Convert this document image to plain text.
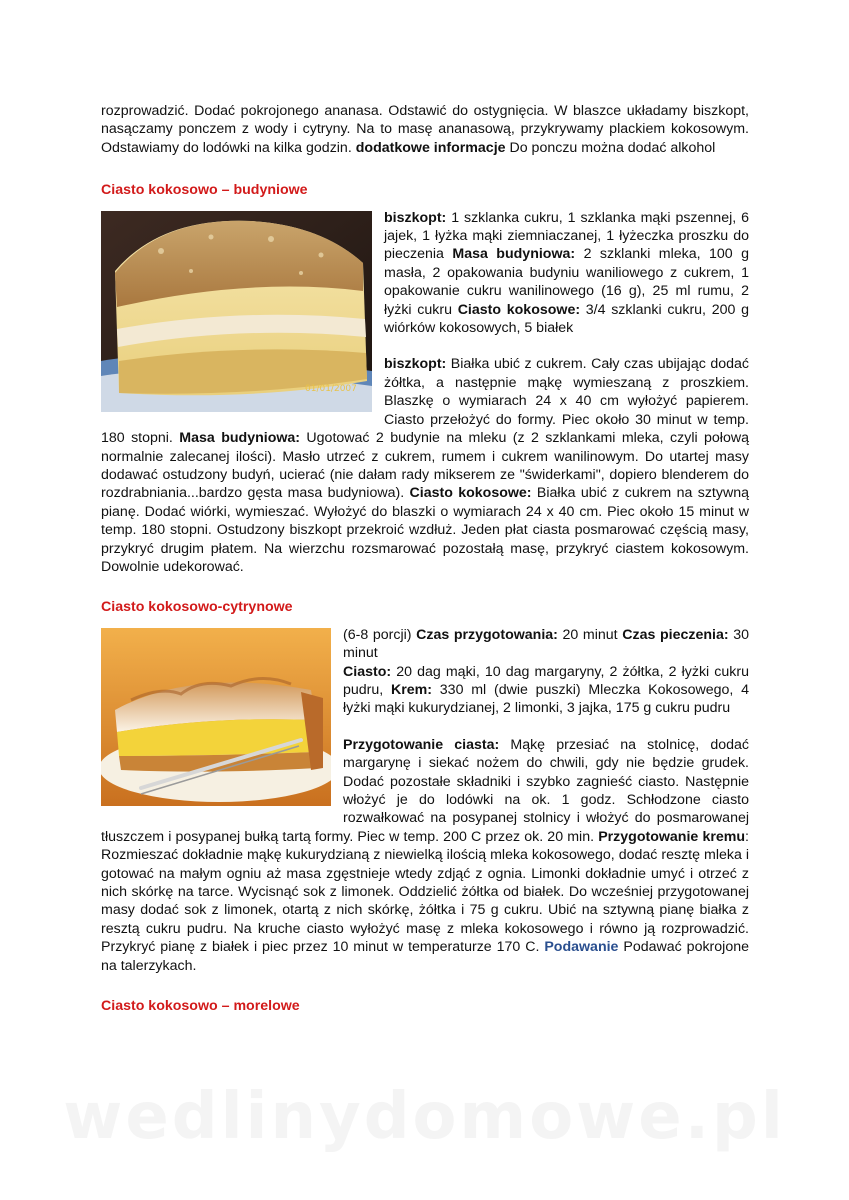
rozprowadzić. Dodać pokrojonego ananasa. Odstawić do ostygnięcia. W blaszce układamy biszkopt, nasączamy ponczem z wody i cytryny. Na to masę ananasową, przykrywamy plackiem kokosowym. Odstawiamy do lodówki na kilka godzin. dodatkowe informacje Do ponczu można dodać alkohol

Ciasto kokosowo – budyniowe
01/01/2007

biszkopt: 1 szklanka cukru, 1 szklanka mąki pszennej, 6 jajek, 1 łyżka mąki ziemniaczanej, 1 łyżeczka proszku do pieczenia Masa budyniowa: 2 szklanki mleka, 100 g masła, 2 opakowania budyniu waniliowego z cukrem, 1 opakowanie cukru wanilinowego (16 g), 25 ml rumu, 2 łyżki cukru Ciasto kokosowe: 3/4 szklanki cukru, 200 g wiórków kokosowych, 5 białek

biszkopt: Białka ubić z cukrem. Cały czas ubijając dodać żółtka, a następnie mąkę wymieszaną z proszkiem. Blaszkę o wymiarach 24 x 40 cm wyłożyć papierem. Ciasto przełożyć do formy. Piec około 30 minut w temp. 180 stopni. Masa budyniowa: Ugotować 2 budynie na mleku (z 2 szklankami mleka, czyli połową normalnie zalecanej ilości). Masło utrzeć z cukrem, rumem i cukrem wanilinowym. Do utartej masy dodawać ostudzony budyń, ucierać (nie dałam rady mikserem ze "świderkami", dopiero blenderem do rozdrabniania...bardzo gęsta masa budyniowa). Ciasto kokosowe: Białka ubić z cukrem na sztywną pianę. Dodać wiórki, wymieszać. Wyłożyć do blaszki o wymiarach 24 x 40 cm. Piec około 15 minut w temp. 180 stopni. Ostudzony biszkopt przekroić wzdłuż. Jeden płat ciasta posmarować częścią masy, przykryć drugim płatem. Na wierzchu rozsmarować pozostałą masę, przykryć ciastem kokosowym. Dowolnie udekorować.

Ciasto kokosowo-cytrynowe

(6-8 porcji) Czas przygotowania: 20 minut Czas pieczenia: 30 minut
Ciasto: 20 dag mąki, 10 dag margaryny, 2 żółtka, 2 łyżki cukru pudru, Krem: 330 ml (dwie puszki) Mleczka Kokosowego, 4 łyżki mąki kukurydzianej, 2 limonki, 3 jajka, 175 g cukru pudru

Przygotowanie ciasta: Mąkę przesiać na stolnicę, dodać margarynę i siekać nożem do chwili, gdy nie będzie grudek. Dodać pozostałe składniki i szybko zagnieść ciasto. Następnie włożyć je do lodówki na ok. 1 godz. Schłodzone ciasto rozwałkować na posypanej stolnicy i włożyć do posmarowanej tłuszczem i posypanej bułką tartą formy. Piec w temp. 200 C przez ok. 20 min. Przygotowanie kremu: Rozmieszać dokładnie mąkę kukurydzianą z niewielką ilością mleka kokosowego, dodać resztę mleka i gotować na małym ogniu aż masa zgęstnieje wtedy zdjąć z ognia. Limonki dokładnie umyć i otrzeć z nich skórkę na tarce. Wycisnąć sok z limonek. Oddzielić żółtka od białek. Do wcześniej przygotowanej masy dodać sok z limonek, otartą z nich skórkę, żółtka i 75 g cukru. Ubić na sztywną pianę białka z resztą cukru pudru. Na kruche ciasto wyłożyć masę z mleka kokosowego i równo ją rozprowadzić. Przykryć pianę z białek i piec przez 10 minut w temperaturze 170 C. Podawanie Podawać pokrojone na talerzykach.

Ciasto kokosowo – morelowe
wedlinydomowe.pl
